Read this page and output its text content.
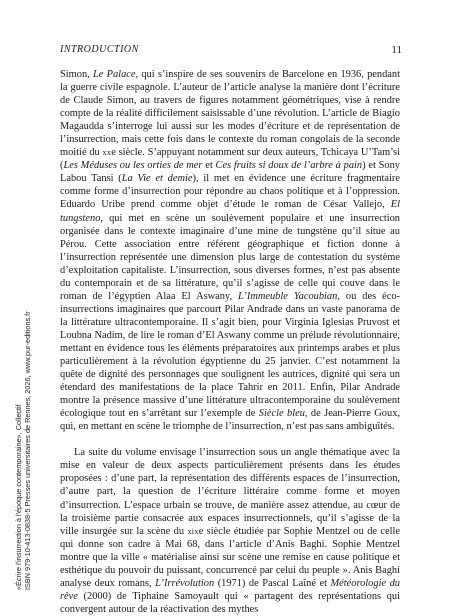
INTRODUCTION	11

Simon, Le Palace, qui s’inspire de ses souvenirs de Barcelone en 1936, pendant la guerre civile espagnole. L’auteur de l’article analyse la manière dont l’écriture de Claude Simon, au travers de figures notamment géométriques, vise à rendre compte de la réalité difficilement saisissable d’une révolution. L’article de Biagio Magaudda s’interroge lui aussi sur les modes d’écriture et de représentation de l’insurrection, mais cette fois dans le contexte du roman congolais de la seconde moitié du xxe siècle. S’appuyant notamment sur deux auteurs, Tchicaya U’Tam’si (Les Méduses ou les orties de mer et Ces fruits si doux de l’arbre à pain) et Sony Labou Tansi (La Vie et demie), il met en évidence une écriture fragmentaire comme forme d’insurrection pour répondre au chaos politique et à l’oppression. Eduardo Uribe prend comme objet d’étude le roman de César Vallejo, El tungsteno, qui met en scène un soulèvement populaire et une insurrection organisée dans le contexte imaginaire d’une mine de tungstène qu’il situe au Pérou. Cette association entre référent géographique et fiction donne à l’insurrection représentée une dimension plus large de contestation du système d’exploitation capitaliste. L’insurrection, sous diverses formes, n’est pas absente du contemporain et de sa littérature, qu’il s’agisse de celle qui couve dans le roman de l’égyptien Alaa El Aswany, L’Immeuble Yacoubian, ou des éco-insurrections imaginaires que parcourt Pilar Andrade dans un vaste panorama de la littérature ultracontemporaine. Il s’agit bien, pour Virginia Iglesias Pruvost et Loubna Nadim, de lire le roman d’El Aswany comme un prélude révolutionnaire, mettant en évidence tous les éléments préparatoires aux printemps arabes et plus particulièrement à la révolution égyptienne du 25 janvier. C’est notamment la quête de dignité des personnages que soulignent les autrices, dignité qui sera un étendard des manifestations de la place Tahrir en 2011. Enfin, Pilar Andrade montre la présence massive d’une littérature ultracontemporaine du soulèvement écologique tout en s’arrêtant sur l’exemple de Siècle bleu, de Jean-Pierre Goux, qui, en mettant en scène le triomphe de l’insurrection, n’est pas sans ambiguïtés.

La suite du volume envisage l’insurrection sous un angle thématique avec la mise en valeur de deux aspects particulièrement présents dans les études proposées : d’une part, la représentation des différents espaces de l’insurrection, d’autre part, la question de l’écriture littéraire comme forme et moyen d’insurrection. L’espace urbain se trouve, de manière assez attendue, au cœur de la troisième partie consacrée aux espaces insurrectionnels, qu’il s’agisse de la ville insurgée sur la scène du xixe siècle étudiée par Sophie Mentzel ou de celle qui donne son cadre à Mai 68, dans l’article d’Anis Baghi. Sophie Mentzel montre que la ville « matérialise ainsi sur scène une remise en cause politique et esthétique du pouvoir du puissant, concurrencé par celui du peuple ». Anis Baghi analyse deux romans, L’Irrévolution (1971) de Pascal Laîné et Météorologie du rêve (2000) de Tiphaine Samoyault qui « partagent des représentations qui convergent autour de la réactivation des mythes

«Écrire l'insurrection à l'époque contemporaine», Collectif ISBN 979-10-413-0838-5 Presses universitaires de Rennes, 2026, www.pur-editions.fr
